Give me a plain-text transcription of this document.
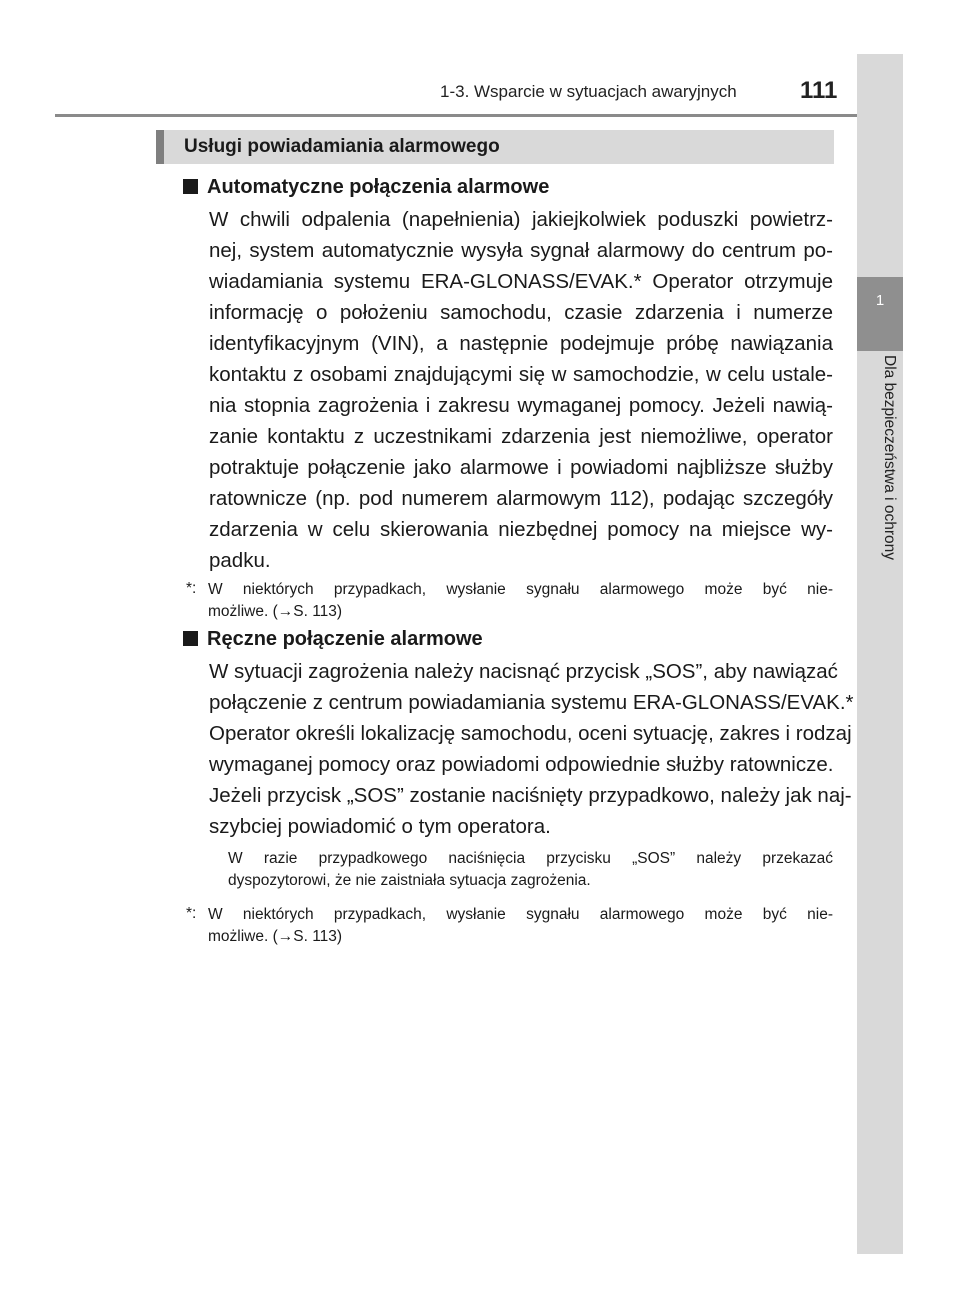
1-3. Wsparcie w sytuacjach awaryjnych	111
1
Dla bezpieczeństwa i ochrony
Usługi powiadamiania alarmowego
Automatyczne połączenia alarmowe
W chwili odpalenia (napełnienia) jakiejkolwiek poduszki powietrz-
nej, system automatycznie wysyła sygnał alarmowy do centrum po-
wiadamiania systemu ERA-GLONASS/EVAK.* Operator otrzymuje
informację o położeniu samochodu, czasie zdarzenia i numerze
identyfikacyjnym (VIN), a następnie podejmuje próbę nawiązania
kontaktu z osobami znajdującymi się w samochodzie, w celu ustale-
nia stopnia zagrożenia i zakresu wymaganej pomocy. Jeżeli nawią-
zanie kontaktu z uczestnikami zdarzenia jest niemożliwe, operator
potraktuje połączenie jako alarmowe i powiadomi najbliższe służby
ratownicze (np. pod numerem alarmowym 112), podając szczegóły
zdarzenia w celu skierowania niezbędnej pomocy na miejsce wy-
padku.
*: W niektórych przypadkach, wysłanie sygnału alarmowego może być nie-
możliwe. (→S. 113)
Ręczne połączenie alarmowe
W sytuacji zagrożenia należy nacisnąć przycisk „SOS”, aby nawiązać
połączenie z centrum powiadamiania systemu ERA-GLONASS/EVAK.*
Operator określi lokalizację samochodu, oceni sytuację, zakres i rodzaj
wymaganej pomocy oraz powiadomi odpowiednie służby ratownicze.
Jeżeli przycisk „SOS” zostanie naciśnięty przypadkowo, należy jak naj-
szybciej powiadomić o tym operatora.
W razie przypadkowego naciśnięcia przycisku „SOS” należy przekazać
dyspozytorowi, że nie zaistniała sytuacja zagrożenia.
*: W niektórych przypadkach, wysłanie sygnału alarmowego może być nie-
możliwe. (→S. 113)
